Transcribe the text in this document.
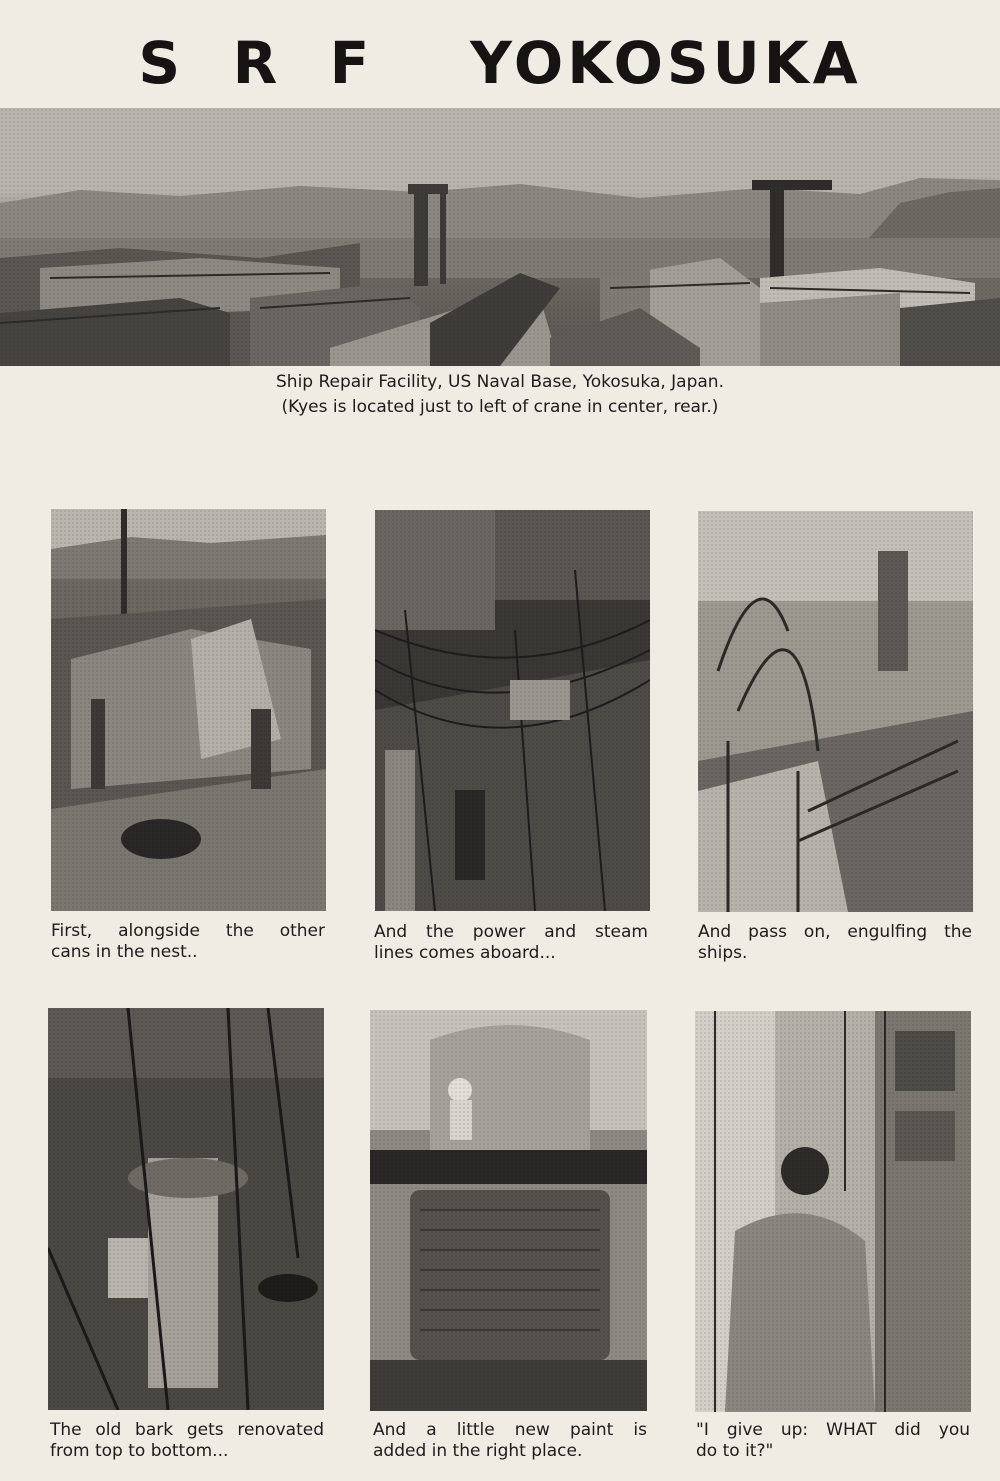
S  R  F    YOKOSUKA
Ship Repair Facility, US Naval Base, Yokosuka, Japan.
(Kyes is located just to left of crane in center, rear.)
First, alongside the other
cans in the nest..
And the power and steam
lines comes aboard...
And pass on, engulfing the
ships.
The old bark gets renovated
from top to bottom...
And a little new paint is
added in the right place.
"I give up: WHAT did you
do to it?"
